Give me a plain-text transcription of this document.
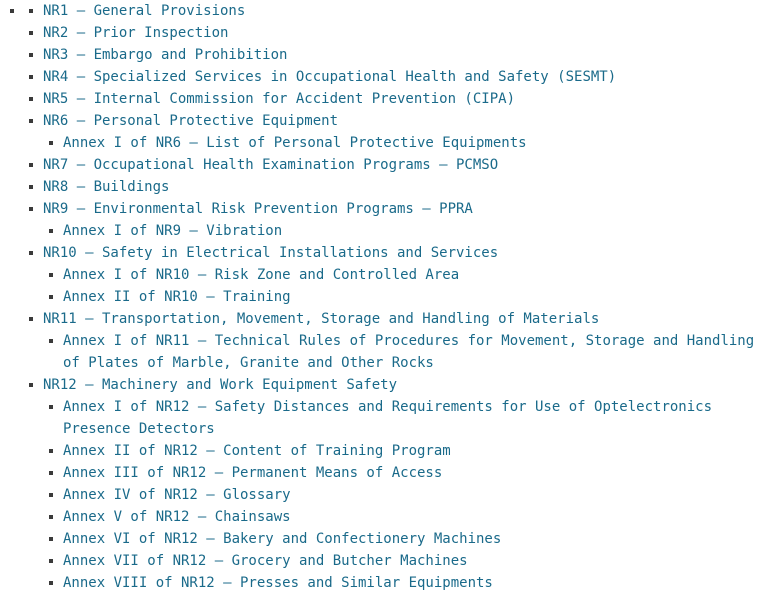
NR1 – General Provisions
NR2 – Prior Inspection
NR3 – Embargo and Prohibition
NR4 – Specialized Services in Occupational Health and Safety (SESMT)
NR5 – Internal Commission for Accident Prevention (CIPA)
NR6 – Personal Protective Equipment
Annex I of NR6 – List of Personal Protective Equipments
NR7 – Occupational Health Examination Programs – PCMSO
NR8 – Buildings
NR9 – Environmental Risk Prevention Programs – PPRA
Annex I of NR9 – Vibration
NR10 – Safety in Electrical Installations and Services
Annex I of NR10 – Risk Zone and Controlled Area
Annex II of NR10 – Training
NR11 – Transportation, Movement, Storage and Handling of Materials
Annex I of NR11 – Technical Rules of Procedures for Movement, Storage and Handling of Plates of Marble, Granite and Other Rocks
NR12 – Machinery and Work Equipment Safety
Annex I of NR12 – Safety Distances and Requirements for Use of Optelectronics Presence Detectors
Annex II of NR12 – Content of Training Program
Annex III of NR12 – Permanent Means of Access
Annex IV of NR12 – Glossary
Annex V of NR12 – Chainsaws
Annex VI of NR12 – Bakery and Confectionery Machines
Annex VII of NR12 – Grocery and Butcher Machines
Annex VIII of NR12 – Presses and Similar Equipments
